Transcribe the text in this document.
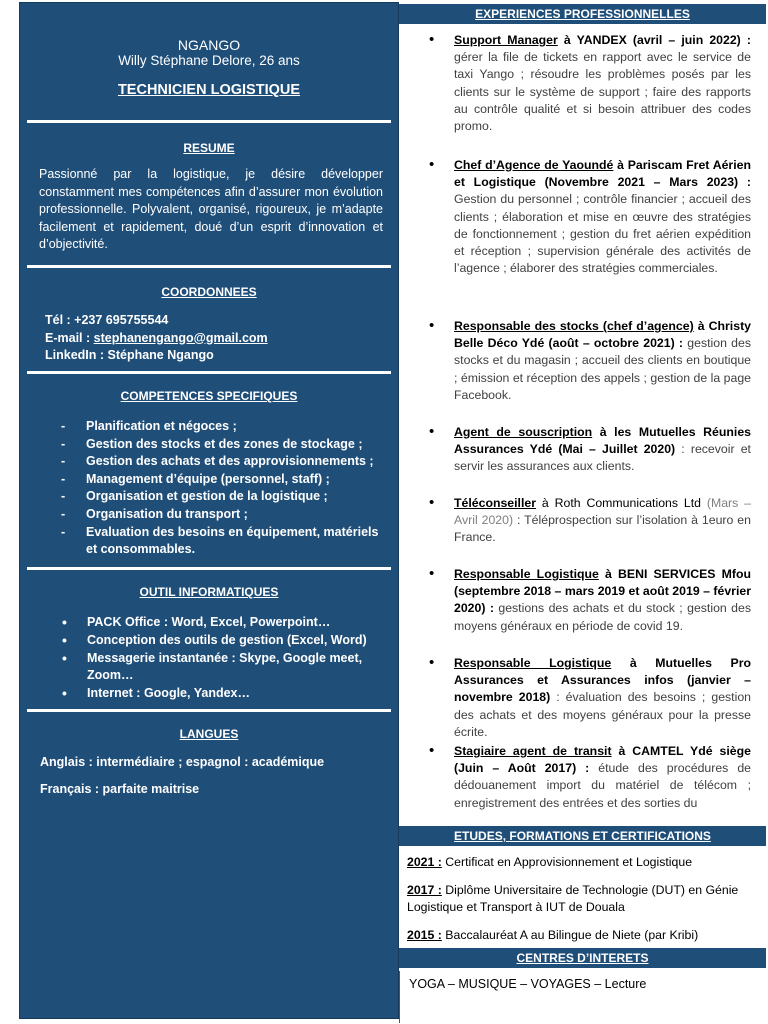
NGANGO
Willy Stéphane Delore, 26 ans
TECHNICIEN LOGISTIQUE
RESUME
Passionné par la logistique, je désire développer constamment mes compétences afin d’assurer mon évolution professionnelle. Polyvalent, organisé, rigoureux, je m’adapte facilement et rapidement, doué d’un esprit d’innovation et d’objectivité.
COORDONNEES
Tél : +237 695755544
E-mail : stephanengango@gmail.com
LinkedIn : Stéphane Ngango
COMPETENCES SPECIFIQUES
- Planification et négoces ;
- Gestion des stocks et des zones de stockage ;
- Gestion des achats et des approvisionnements ;
- Management d’équipe (personnel, staff) ;
- Organisation et gestion de la logistique ;
- Organisation du transport ;
- Evaluation des besoins en équipement, matériels et consommables.
OUTIL INFORMATIQUES
• PACK Office : Word, Excel, Powerpoint…
• Conception des outils de gestion (Excel, Word)
• Messagerie instantanée : Skype, Google meet, Zoom…
• Internet : Google, Yandex…
LANGUES
Anglais : intermédiaire ; espagnol : académique
Français : parfaite maitrise
EXPERIENCES PROFESSIONNELLES
• Support Manager à YANDEX (avril – juin 2022) : gérer la file de tickets en rapport avec le service de taxi Yango ; résoudre les problèmes posés par les clients sur le système de support ; faire des rapports au contrôle qualité et si besoin attribuer des codes promo.
• Chef d’Agence de Yaoundé à Pariscam Fret Aérien et Logistique (Novembre 2021 – Mars 2023) : Gestion du personnel ; contrôle financier ; accueil des clients ; élaboration et mise en œuvre des stratégies de fonctionnement ; gestion du fret aérien expédition et réception ; supervision générale des activités de l’agence ; élaborer des stratégies commerciales.
• Responsable des stocks (chef d’agence) à Christy Belle Déco Ydé (août – octobre 2021) : gestion des stocks et du magasin ; accueil des clients en boutique ; émission et réception des appels ; gestion de la page Facebook.
• Agent de souscription à les Mutuelles Réunies Assurances Ydé (Mai – Juillet 2020) : recevoir et servir les assurances aux clients.
• Téléconseiller à Roth Communications Ltd (Mars – Avril 2020) : Téléprospection sur l’isolation à 1euro en France.
• Responsable Logistique à BENI SERVICES Mfou (septembre 2018 – mars 2019 et août 2019 – février 2020) : gestions des achats et du stock ; gestion des moyens généraux en période de covid 19.
• Responsable Logistique à Mutuelles Pro Assurances et Assurances infos (janvier – novembre 2018) : évaluation des besoins ; gestion des achats et des moyens généraux pour la presse écrite.
• Stagiaire agent de transit à CAMTEL Ydé siège (Juin – Août 2017) : étude des procédures de dédouanement import du matériel de télécom ; enregistrement des entrées et des sorties du
ETUDES, FORMATIONS ET CERTIFICATIONS
2021 : Certificat en Approvisionnement et Logistique
2017 : Diplôme Universitaire de Technologie (DUT) en Génie Logistique et Transport à IUT de Douala
2015 : Baccalauréat A au Bilingue de Niete (par Kribi)
CENTRES D’INTERETS
YOGA – MUSIQUE – VOYAGES – Lecture
